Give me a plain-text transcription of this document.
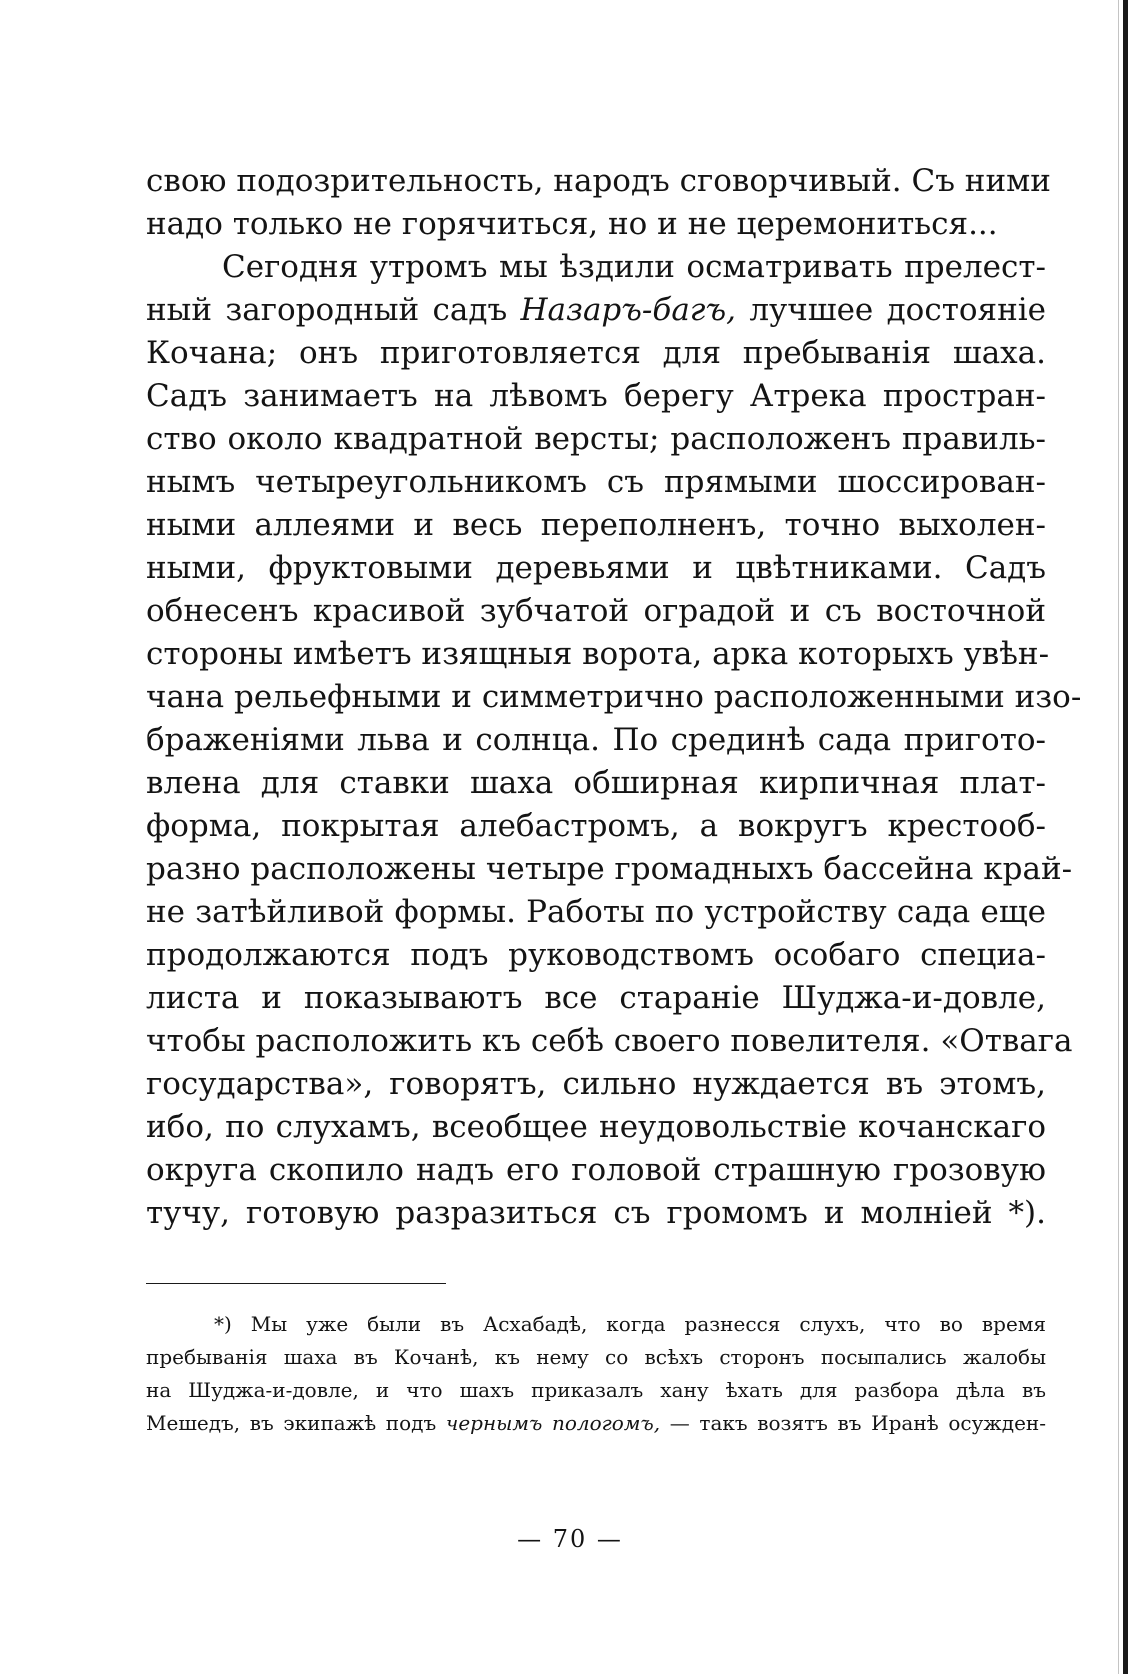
свою подозрительность, народъ сговорчивый. Съ ними
надо только не горячиться, но и не церемониться...
Сегодня утромъ мы ѣздили осматривать прелест-
ный загородный садъ Назаръ-багъ, лучшее достояніе
Кочана; онъ приготовляется для пребыванія шаха.
Садъ занимаетъ на лѣвомъ берегу Атрека простран-
ство около квадратной версты; расположенъ правиль-
нымъ четыреугольникомъ съ прямыми шоссирован-
ными аллеями и весь переполненъ, точно выхолен-
ными, фруктовыми деревьями и цвѣтниками. Садъ
обнесенъ красивой зубчатой оградой и съ восточной
стороны имѣетъ изящныя ворота, арка которыхъ увѣн-
чана рельефными и симметрично расположенными изо-
браженіями льва и солнца. По срединѣ сада пригото-
влена для ставки шаха обширная кирпичная плат-
форма, покрытая алебастромъ, а вокругъ крестооб-
разно расположены четыре громадныхъ бассейна край-
не затѣйливой формы. Работы по устройству сада еще
продолжаются подъ руководствомъ особаго специа-
листа и показываютъ все стараніе Шуджа-и-довле,
чтобы расположить къ себѣ своего повелителя. «Отвага
государства», говорятъ, сильно нуждается въ этомъ,
ибо, по слухамъ, всеобщее неудовольствіе кочанскаго
округа скопило надъ его головой страшную грозовую
тучу, готовую разразиться съ громомъ и молніей *).
*) Мы уже были въ Асхабадѣ, когда разнесся слухъ, что во время
пребыванія шаха въ Кочанѣ, къ нему со всѣхъ сторонъ посыпались жалобы
на Шуджа-и-довле, и что шахъ приказалъ хану ѣхать для разбора дѣла въ
Мешедъ, въ экипажѣ подъ чернымъ пологомъ, — такъ возятъ въ Иранѣ осужден-
— 70 —
